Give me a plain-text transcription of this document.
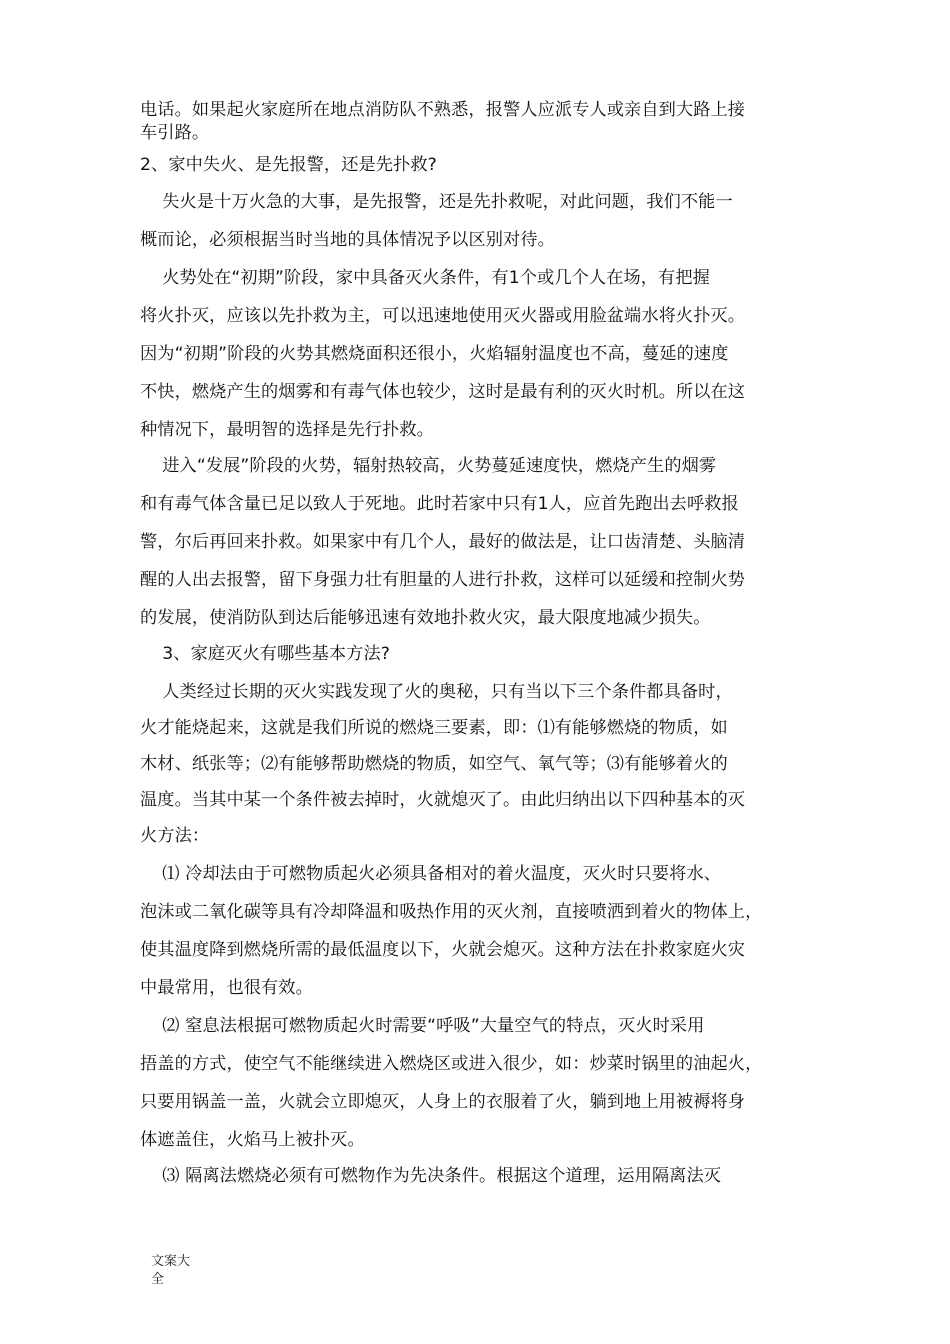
电话。如果起火家庭所在地点消防队不熟悉，报警人应派专人或亲自到大路上接
车引路。
2、家中失火、是先报警，还是先扑救?
失火是十万火急的大事，是先报警，还是先扑救呢，对此问题，我们不能一
概而论，必须根据当时当地的具体情况予以区别对待。
火势处在“初期”阶段，家中具备灭火条件，有1个或几个人在场，有把握
将火扑灭，应该以先扑救为主，可以迅速地使用灭火器或用脸盆端水将火扑灭。
因为“初期”阶段的火势其燃烧面积还很小，火焰辐射温度也不高，蔓延的速度
不快，燃烧产生的烟雾和有毒气体也较少，这时是最有利的灭火时机。所以在这
种情况下，最明智的选择是先行扑救。
进入“发展”阶段的火势，辐射热较高，火势蔓延速度快，燃烧产生的烟雾
和有毒气体含量已足以致人于死地。此时若家中只有1人，应首先跑出去呼救报
警，尔后再回来扑救。如果家中有几个人，最好的做法是，让口齿清楚、头脑清
醒的人出去报警，留下身强力壮有胆量的人进行扑救，这样可以延缓和控制火势
的发展，使消防队到达后能够迅速有效地扑救火灾，最大限度地减少损失。
3、家庭灭火有哪些基本方法?
人类经过长期的灭火实践发现了火的奥秘，只有当以下三个条件都具备时，
火才能烧起来，这就是我们所说的燃烧三要素，即：⑴有能够燃烧的物质，如
木材、纸张等；⑵有能够帮助燃烧的物质，如空气、氧气等；⑶有能够着火的
温度。当其中某一个条件被去掉时，火就熄灭了。由此归纳出以下四种基本的灭
火方法：
⑴ 冷却法由于可燃物质起火必须具备相对的着火温度，灭火时只要将水、
泡沫或二氧化碳等具有冷却降温和吸热作用的灭火剂，直接喷洒到着火的物体上，
使其温度降到燃烧所需的最低温度以下，火就会熄灭。这种方法在扑救家庭火灾
中最常用，也很有效。
⑵ 窒息法根据可燃物质起火时需要“呼吸”大量空气的特点，灭火时采用
捂盖的方式，使空气不能继续进入燃烧区或进入很少，如：炒菜时锅里的油起火，
只要用锅盖一盖，火就会立即熄灭，人身上的衣服着了火，躺到地上用被褥将身
体遮盖住，火焰马上被扑灭。
⑶ 隔离法燃烧必须有可燃物作为先决条件。根据这个道理，运用隔离法灭
文案大
全
